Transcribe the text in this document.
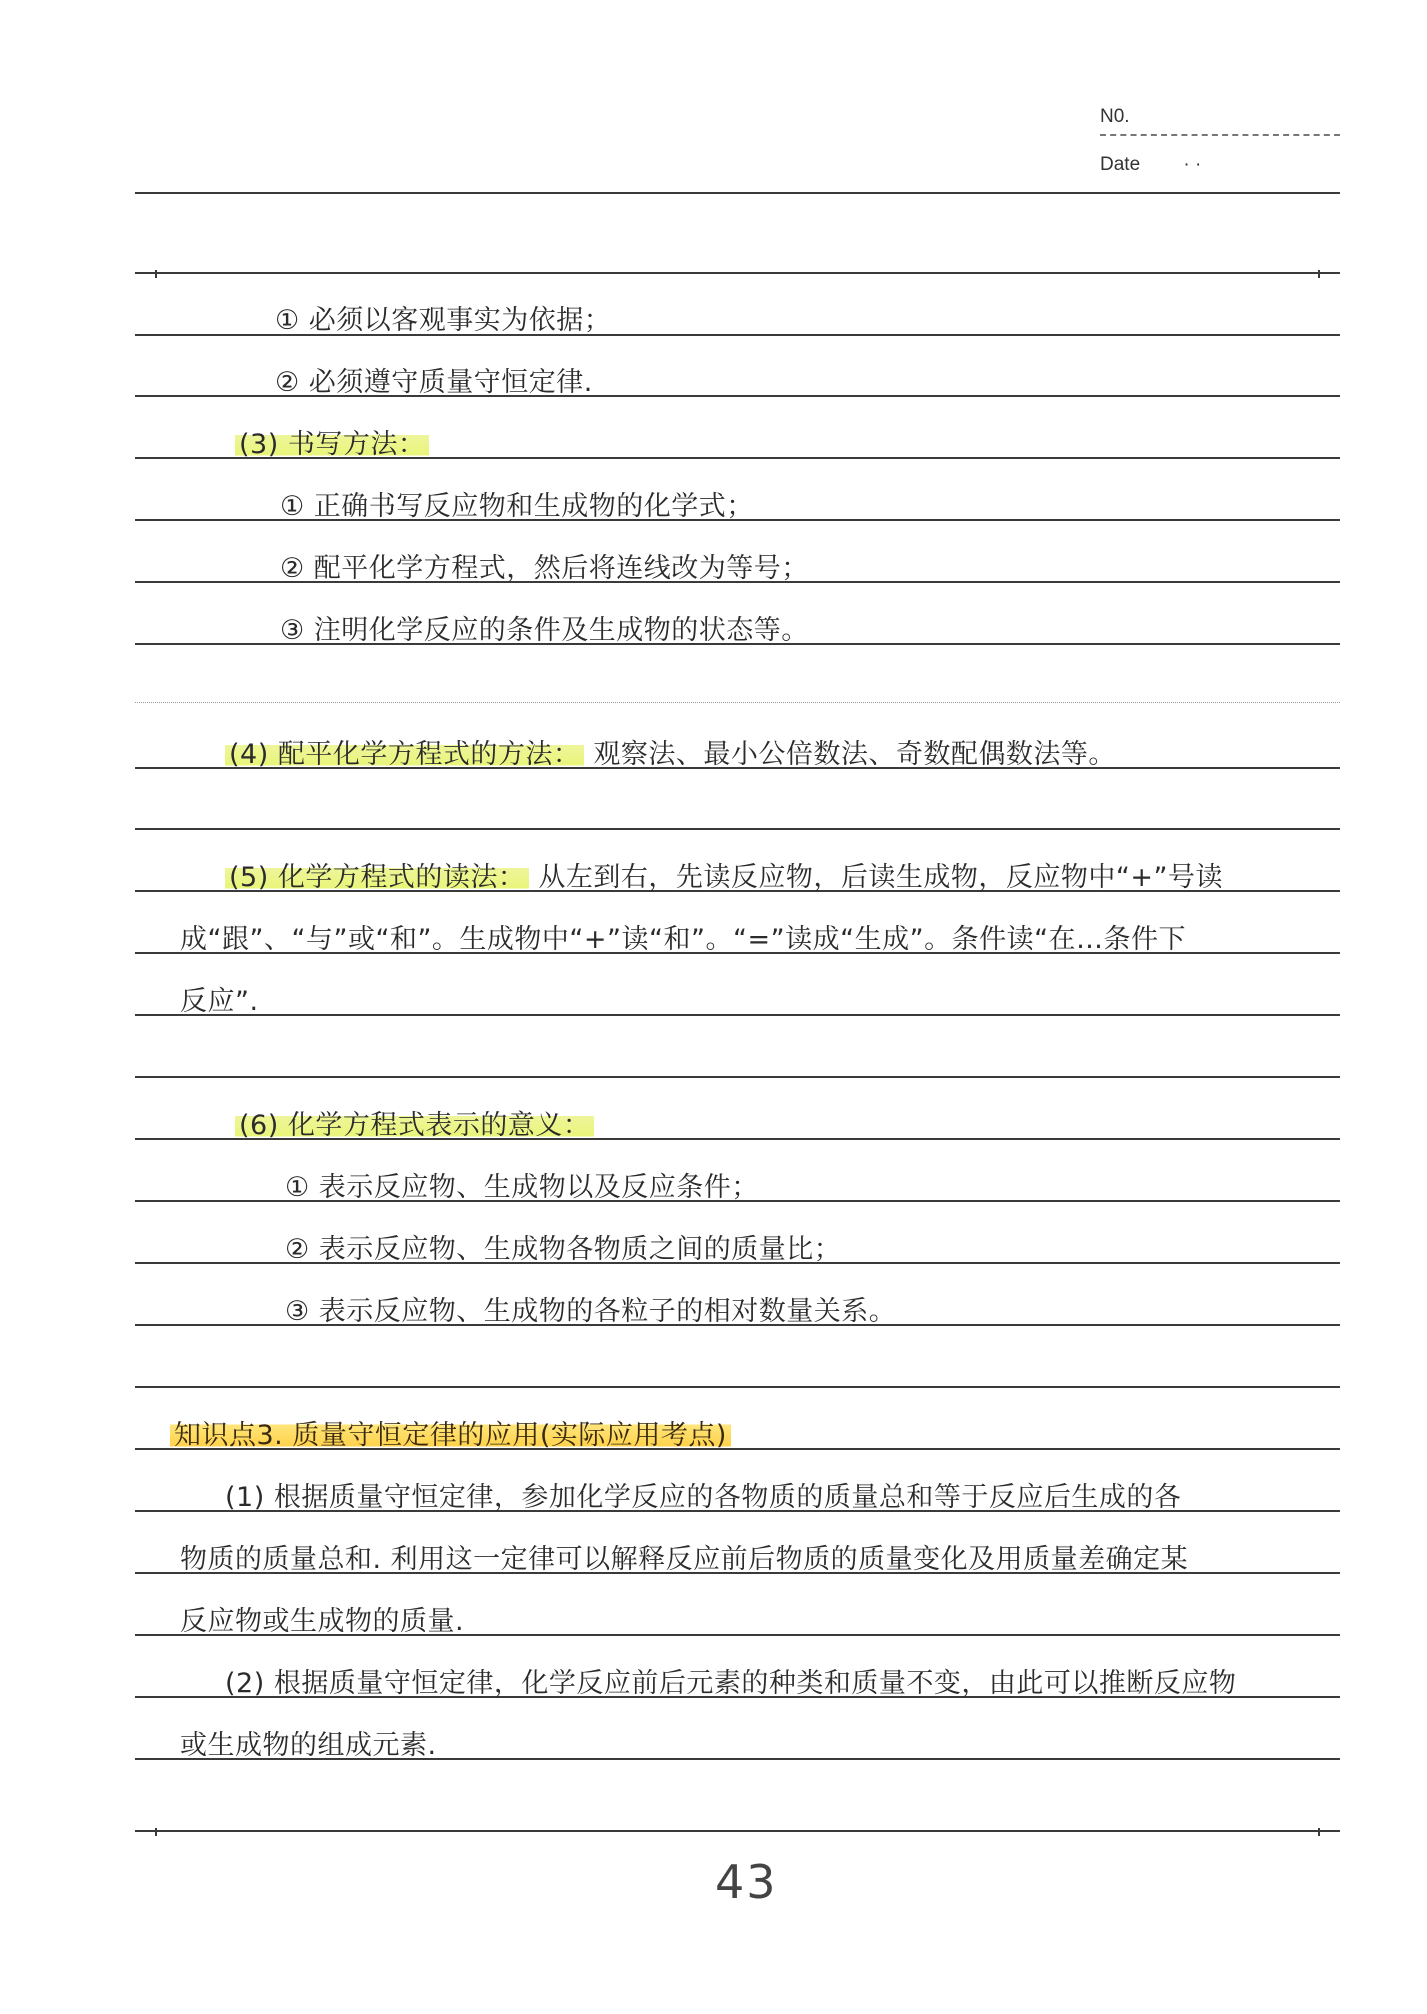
N0.
Date · ·
① 必须以客观事实为依据；
② 必须遵守质量守恒定律.
(3) 书写方法：
① 正确书写反应物和生成物的化学式；
② 配平化学方程式，然后将连线改为等号；
③ 注明化学反应的条件及生成物的状态等。
(4) 配平化学方程式的方法： 观察法、最小公倍数法、奇数配偶数法等。
(5) 化学方程式的读法： 从左到右，先读反应物，后读生成物，反应物中“+”号读
成“跟”、“与”或“和”。生成物中“+”读“和”。“=”读成“生成”。条件读“在…条件下
反应”.
(6) 化学方程式表示的意义：
① 表示反应物、生成物以及反应条件；
② 表示反应物、生成物各物质之间的质量比；
③ 表示反应物、生成物的各粒子的相对数量关系。
知识点3. 质量守恒定律的应用(实际应用考点)
(1) 根据质量守恒定律，参加化学反应的各物质的质量总和等于反应后生成的各
物质的质量总和. 利用这一定律可以解释反应前后物质的质量变化及用质量差确定某
反应物或生成物的质量.
(2) 根据质量守恒定律，化学反应前后元素的种类和质量不变，由此可以推断反应物
或生成物的组成元素.
43
